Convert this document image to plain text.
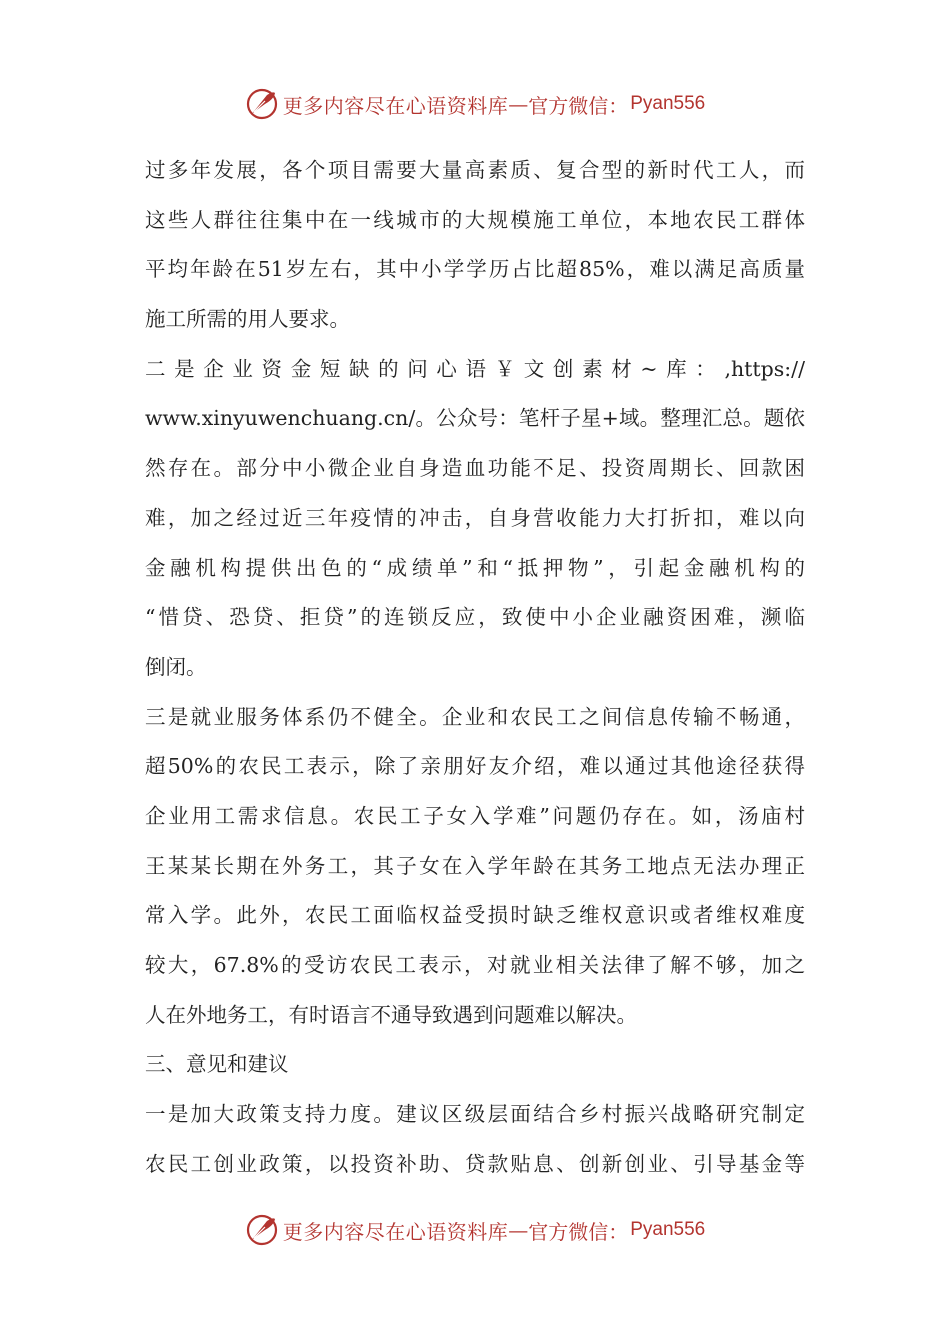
更多内容尽在心语资料库 — 官方微信： Pyan556
过多年发展，各个项目需要大量高素质、复合型的新时代工人，而
这些人群往往集中在一线城市的大规模施工单位，本地农民工群体
平均年龄在51岁左右，其中小学学历占比超85%，难以满足高质量
施工所需的用人要求。
二是企业资金短缺的问心语￥文创素材~库：,https://
www.xinyuwenchuang.cn/。公众号：笔杆子星+域。整理汇总。题依
然存在。部分中小微企业自身造血功能不足、投资周期长、回款困
难，加之经过近三年疫情的冲击，自身营收能力大打折扣，难以向
金融机构提供出色的“成绩单”和“抵押物”，引起金融机构的
“惜贷、恐贷、拒贷”的连锁反应，致使中小企业融资困难，濒临
倒闭。
三是就业服务体系仍不健全。企业和农民工之间信息传输不畅通，
超50%的农民工表示，除了亲朋好友介绍，难以通过其他途径获得
企业用工需求信息。农民工子女入学难”问题仍存在。如，汤庙村
王某某长期在外务工，其子女在入学年龄在其务工地点无法办理正
常入学。此外，农民工面临权益受损时缺乏维权意识或者维权难度
较大，67.8%的受访农民工表示，对就业相关法律了解不够，加之
人在外地务工，有时语言不通导致遇到问题难以解决。
三、意见和建议
一是加大政策支持力度。建议区级层面结合乡村振兴战略研究制定
农民工创业政策，以投资补助、贷款贴息、创新创业、引导基金等
更多内容尽在心语资料库 — 官方微信： Pyan556
